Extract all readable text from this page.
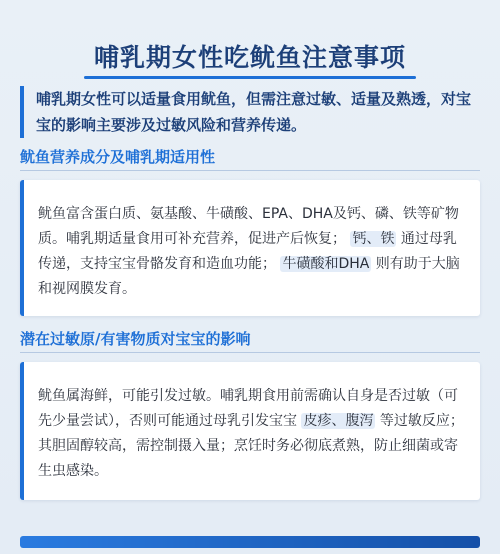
哺乳期女性吃鱿鱼注意事项
哺乳期女性可以适量食用鱿鱼，但需注意过敏、适量及熟透，对宝宝的影响主要涉及过敏风险和营养传递。
鱿鱼营养成分及哺乳期适用性
鱿鱼富含蛋白质、氨基酸、牛磺酸、EPA、DHA及钙、磷、铁等矿物质。哺乳期适量食用可补充营养，促进产后恢复； 钙、铁 通过母乳传递，支持宝宝骨骼发育和造血功能； 牛磺酸和DHA 则有助于大脑和视网膜发育。
潜在过敏原/有害物质对宝宝的影响
鱿鱼属海鲜，可能引发过敏。哺乳期食用前需确认自身是否过敏（可先少量尝试），否则可能通过母乳引发宝宝 皮疹、腹泻 等过敏反应；其胆固醇较高，需控制摄入量；烹饪时务必彻底煮熟，防止细菌或寄生虫感染。
